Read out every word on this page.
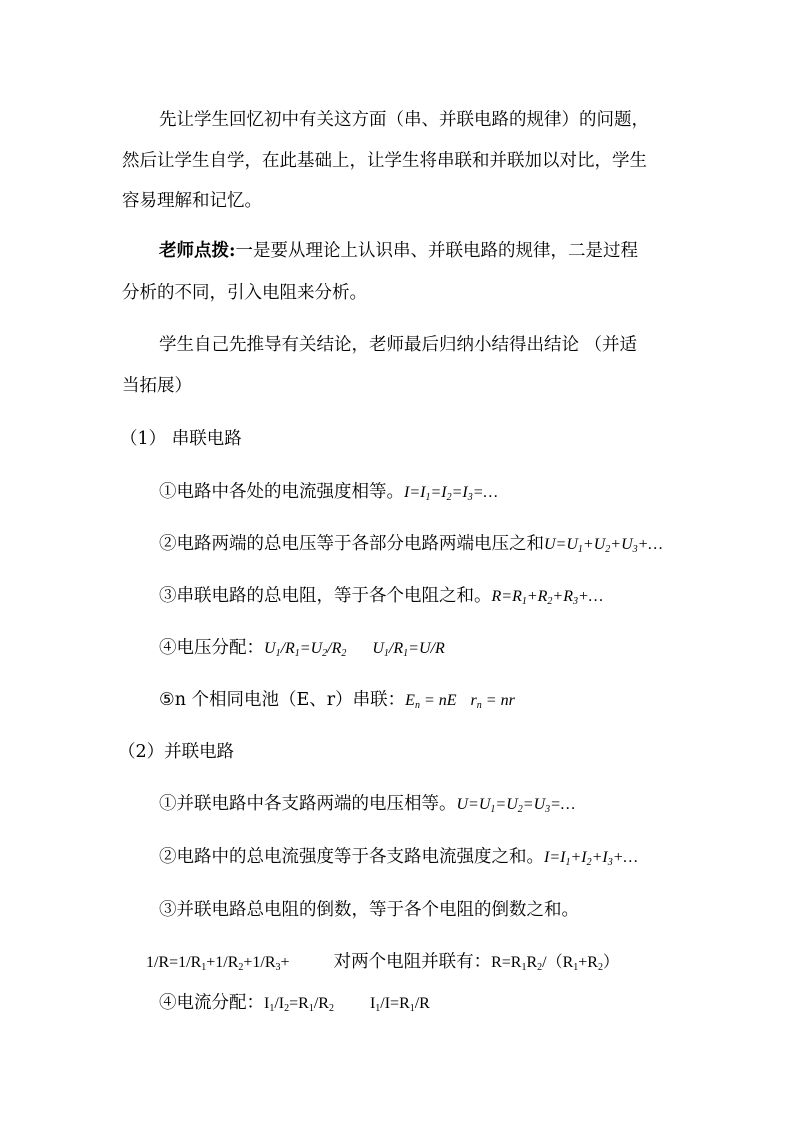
先让学生回忆初中有关这方面（串、并联电路的规律）的问题，
然后让学生自学，在此基础上，让学生将串联和并联加以对比，学生
容易理解和记忆。
老师点拨:一是要从理论上认识串、并联电路的规律，二是过程
分析的不同，引入电阻来分析。
学生自己先推导有关结论，老师最后归纳小结得出结论 （并适
当拓展）
（1） 串联电路
①电路中各处的电流强度相等。$I=I_1=I_2=I_3=\dots$
②电路两端的总电压等于各部分电路两端电压之和$U=U_1+U_2+U_3+\dots$
③串联电路的总电阻，等于各个电阻之和。$R=R_1+R_2+R_3+\dots$
④电压分配：$U_1/R_1=U_2/R_2$ $U_1/R_1=U/R$
⑤n 个相同电池（E、r）串联：$E_n$ = nE $r_n$ = nr
（2）并联电路
①并联电路中各支路两端的电压相等。$U=U_1=U_2=U_3=\dots$
②电路中的总电流强度等于各支路电流强度之和。$I=I_1+I_2+I_3+\dots$
③并联电路总电阻的倒数，等于各个电阻的倒数之和。
$1/R=1/R_1+1/R_2+1/R_3+$	对两个电阻并联有：$R=R_1R_2/(R_1+R_2)$
④电流分配：$I_1/I_2=R_1/R_2$ $I_1/I=R_1/R$
